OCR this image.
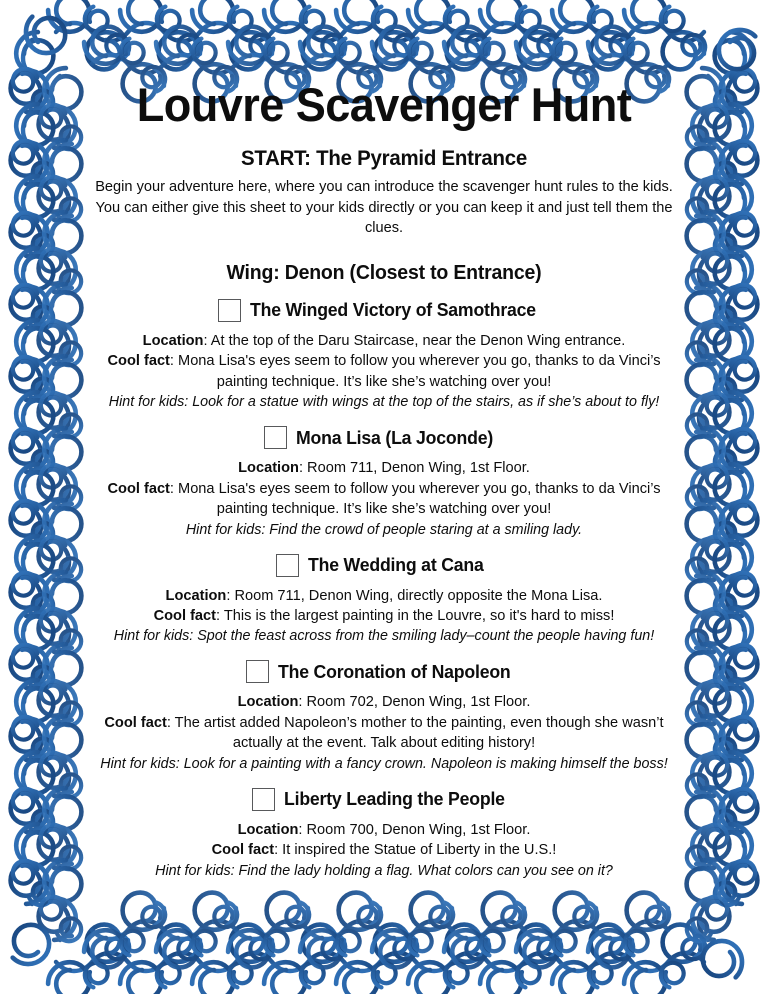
Louvre Scavenger Hunt
START: The Pyramid Entrance

Begin your adventure here, where you can introduce the scavenger hunt rules to the kids. You can either give this sheet to your kids directly or you can keep it and just tell them the clues.

Wing: Denon (Closest to Entrance)
The Winged Victory of Samothrace

Location: At the top of the Daru Staircase, near the Denon Wing entrance.

Cool fact: Mona Lisa's eyes seem to follow you wherever you go, thanks to da Vinci’s painting technique. It’s like she’s watching over you!

Hint for kids: Look for a statue with wings at the top of the stairs, as if she’s about to fly!

Mona Lisa (La Joconde)

Location: Room 711, Denon Wing, 1st Floor.

Cool fact: Mona Lisa's eyes seem to follow you wherever you go, thanks to da Vinci’s painting technique. It’s like she’s watching over you!

Hint for kids: Find the crowd of people staring at a smiling lady.

The Wedding at Cana

Location: Room 711, Denon Wing, directly opposite the Mona Lisa.

Cool fact: This is the largest painting in the Louvre, so it's hard to miss!

Hint for kids: Spot the feast across from the smiling lady–count the people having fun!

The Coronation of Napoleon

Location: Room 702, Denon Wing, 1st Floor.

Cool fact: The artist added Napoleon’s mother to the painting, even though she wasn’t actually at the event. Talk about editing history!

Hint for kids: Look for a painting with a fancy crown. Napoleon is making himself the boss!

Liberty Leading the People

Location: Room 700, Denon Wing, 1st Floor.

Cool fact: It inspired the Statue of Liberty in the U.S.!

Hint for kids: Find the lady holding a flag. What colors can you see on it?
